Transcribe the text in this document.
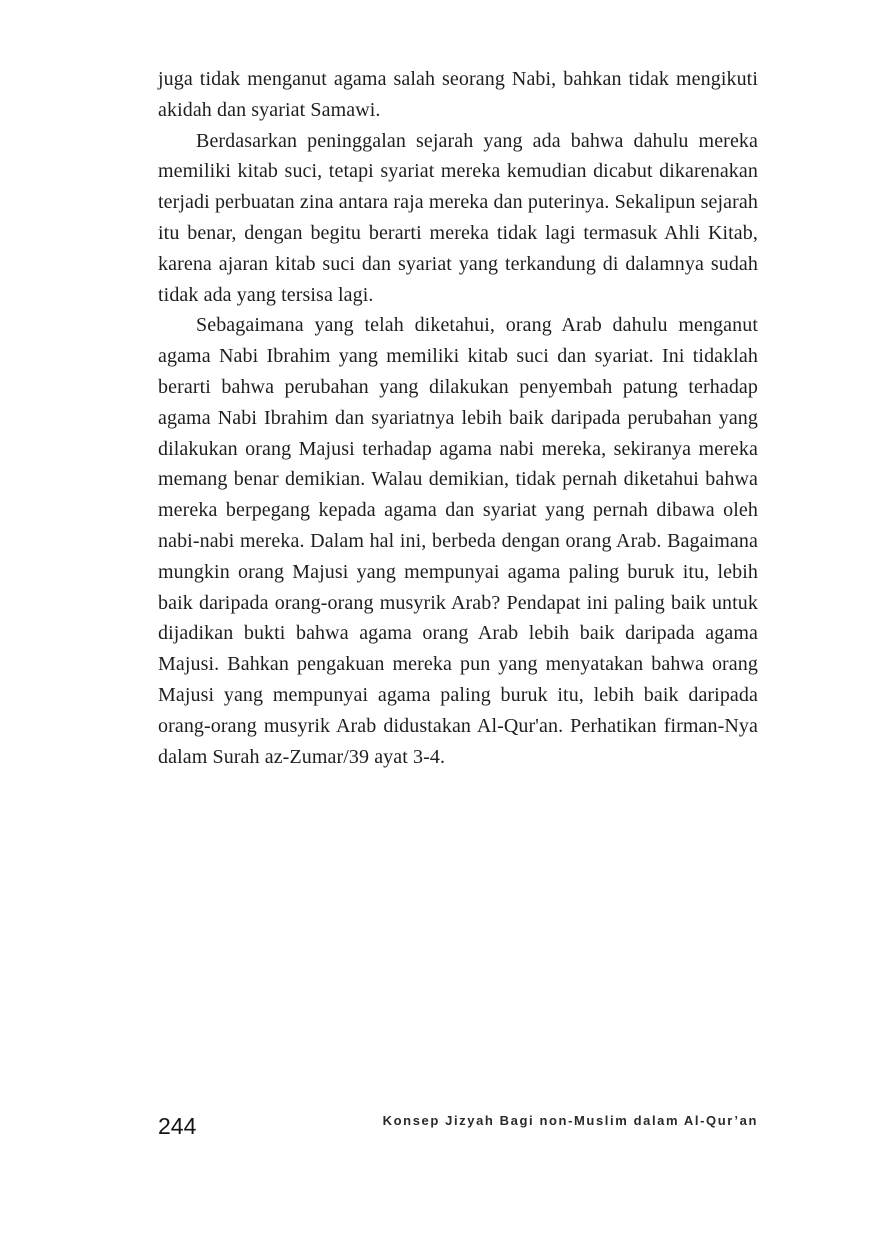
juga tidak menganut agama salah seorang Nabi, bahkan tidak mengikuti akidah dan syariat Samawi.

Berdasarkan peninggalan sejarah yang ada bahwa dahulu mereka memiliki kitab suci, tetapi syariat mereka kemudian dicabut dikarenakan terjadi perbuatan zina antara raja mereka dan puterinya. Sekalipun sejarah itu benar, dengan begitu berarti mereka tidak lagi termasuk Ahli Kitab, karena ajaran kitab suci dan syariat yang terkandung di dalamnya sudah tidak ada yang tersisa lagi.

Sebagaimana yang telah diketahui, orang Arab dahulu menganut agama Nabi Ibrahim yang memiliki kitab suci dan syariat. Ini tidaklah berarti bahwa perubahan yang dilakukan penyembah patung terhadap agama Nabi Ibrahim dan syariatnya lebih baik daripada perubahan yang dilakukan orang Majusi terhadap agama nabi mereka, sekiranya mereka memang benar demikian. Walau demikian, tidak pernah diketahui bahwa mereka berpegang kepada agama dan syariat yang pernah dibawa oleh nabi-nabi mereka. Dalam hal ini, berbeda dengan orang Arab. Bagaimana mungkin orang Majusi yang mempunyai agama paling buruk itu, lebih baik daripada orang-orang musyrik Arab? Pendapat ini paling baik untuk dijadikan bukti bahwa agama orang Arab lebih baik daripada agama Majusi. Bahkan pengakuan mereka pun yang menyatakan bahwa orang Majusi yang mempunyai agama paling buruk itu, lebih baik daripada orang-orang musyrik Arab didustakan Al-Qur'an. Perhatikan firman-Nya dalam Surah az-Zumar/39 ayat 3-4.

244	Konsep Jizyah Bagi non-Muslim dalam Al-Qur’an
